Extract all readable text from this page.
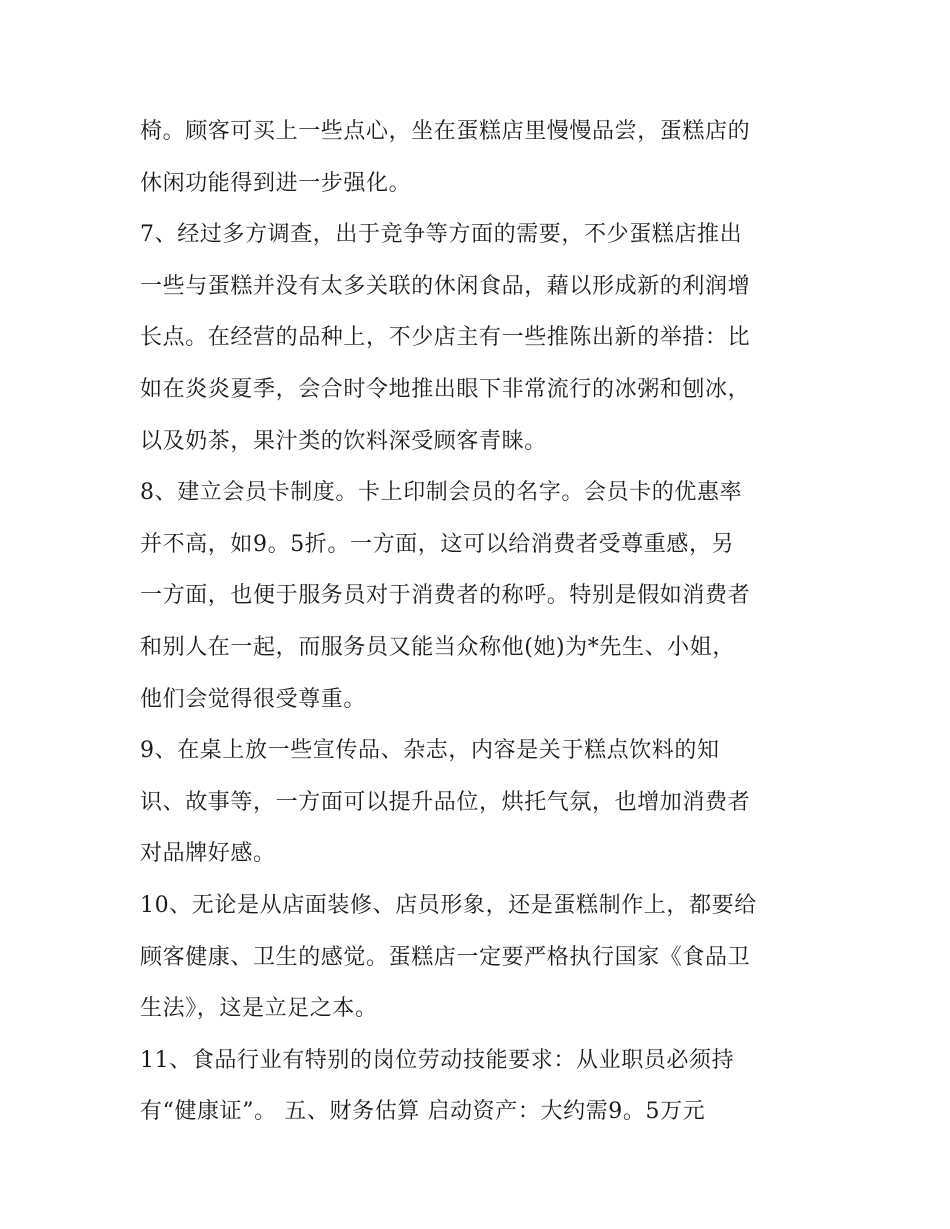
椅。顾客可买上一些点心，坐在蛋糕店里慢慢品尝，蛋糕店的
休闲功能得到进一步强化。
7、经过多方调查，出于竞争等方面的需要，不少蛋糕店推出
一些与蛋糕并没有太多关联的休闲食品，藉以形成新的利润增
长点。在经营的品种上，不少店主有一些推陈出新的举措：比
如在炎炎夏季，会合时令地推出眼下非常流行的冰粥和刨冰，
以及奶茶，果汁类的饮料深受顾客青睐。
8、建立会员卡制度。卡上印制会员的名字。会员卡的优惠率
并不高，如9。5折。一方面，这可以给消费者受尊重感，另
一方面，也便于服务员对于消费者的称呼。特别是假如消费者
和别人在一起，而服务员又能当众称他(她)为*先生、小姐，
他们会觉得很受尊重。
9、在桌上放一些宣传品、杂志，内容是关于糕点饮料的知
识、故事等，一方面可以提升品位，烘托气氛，也增加消费者
对品牌好感。
10、无论是从店面装修、店员形象，还是蛋糕制作上，都要给
顾客健康、卫生的感觉。蛋糕店一定要严格执行国家《食品卫
生法》，这是立足之本。
11、食品行业有特别的岗位劳动技能要求：从业职员必须持
有“健康证”。 五、财务估算 启动资产：大约需9。5万元
